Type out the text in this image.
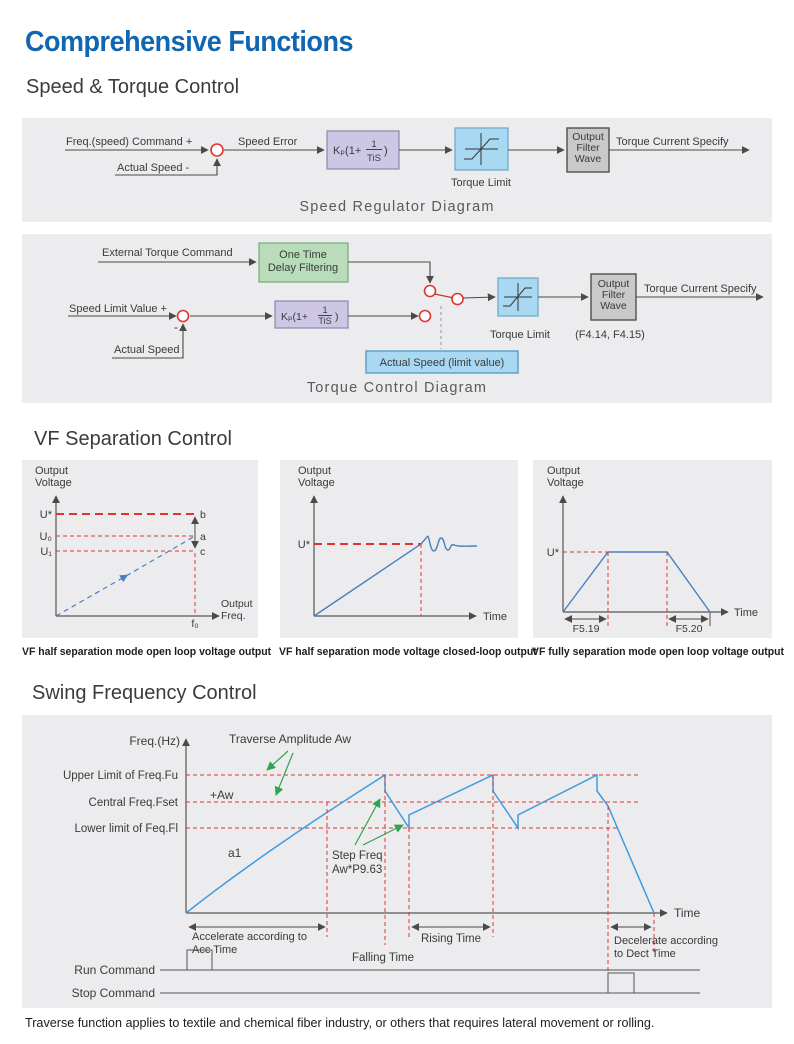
Comprehensive Functions
Speed & Torque Control
Freq.(speed) Command +
Actual Speed -
Speed Error
Kₚ(1+
1
TiS
)
Torque Limit
Output
Filter
Wave
Torque Current Specify
Speed Regulator Diagram
External Torque Command	One Time
Delay Filtering
Speed Limit Value +
-
Actual Speed
Kₚ(1+
1
TiS )
Torque Limit
Output
Filter
Wave
(F4.14, F4.15)
Torque Current Specify
Actual Speed (limit value)
Torque Control Diagram
VF Separation Control
Output
Voltage
Output
Freq.
U*
U₀
U₁
b
a
c
f₀
Output
Voltage
Time
U*
Output
Voltage
Time
U*
F5.19	F5.20
VF half separation mode open loop voltage output VF half separation mode voltage closed-loop output
VF fully separation mode open loop voltage output
Swing Frequency Control
Freq.(Hz)
Time
Upper Limit of Freq.Fu
Central Freq.Fset
Lower limit of Feq.Fl
Traverse Amplitude Aw
+Aw
a1	Step Freq
Aw*P9.63
Accelerate according to
Acc Time
Rising Time
Falling Time
Decelerate according
to Dect Time
Run Command
Stop Command
Traverse function applies to textile and chemical fiber industry, or others that requires lateral movement or rolling.
